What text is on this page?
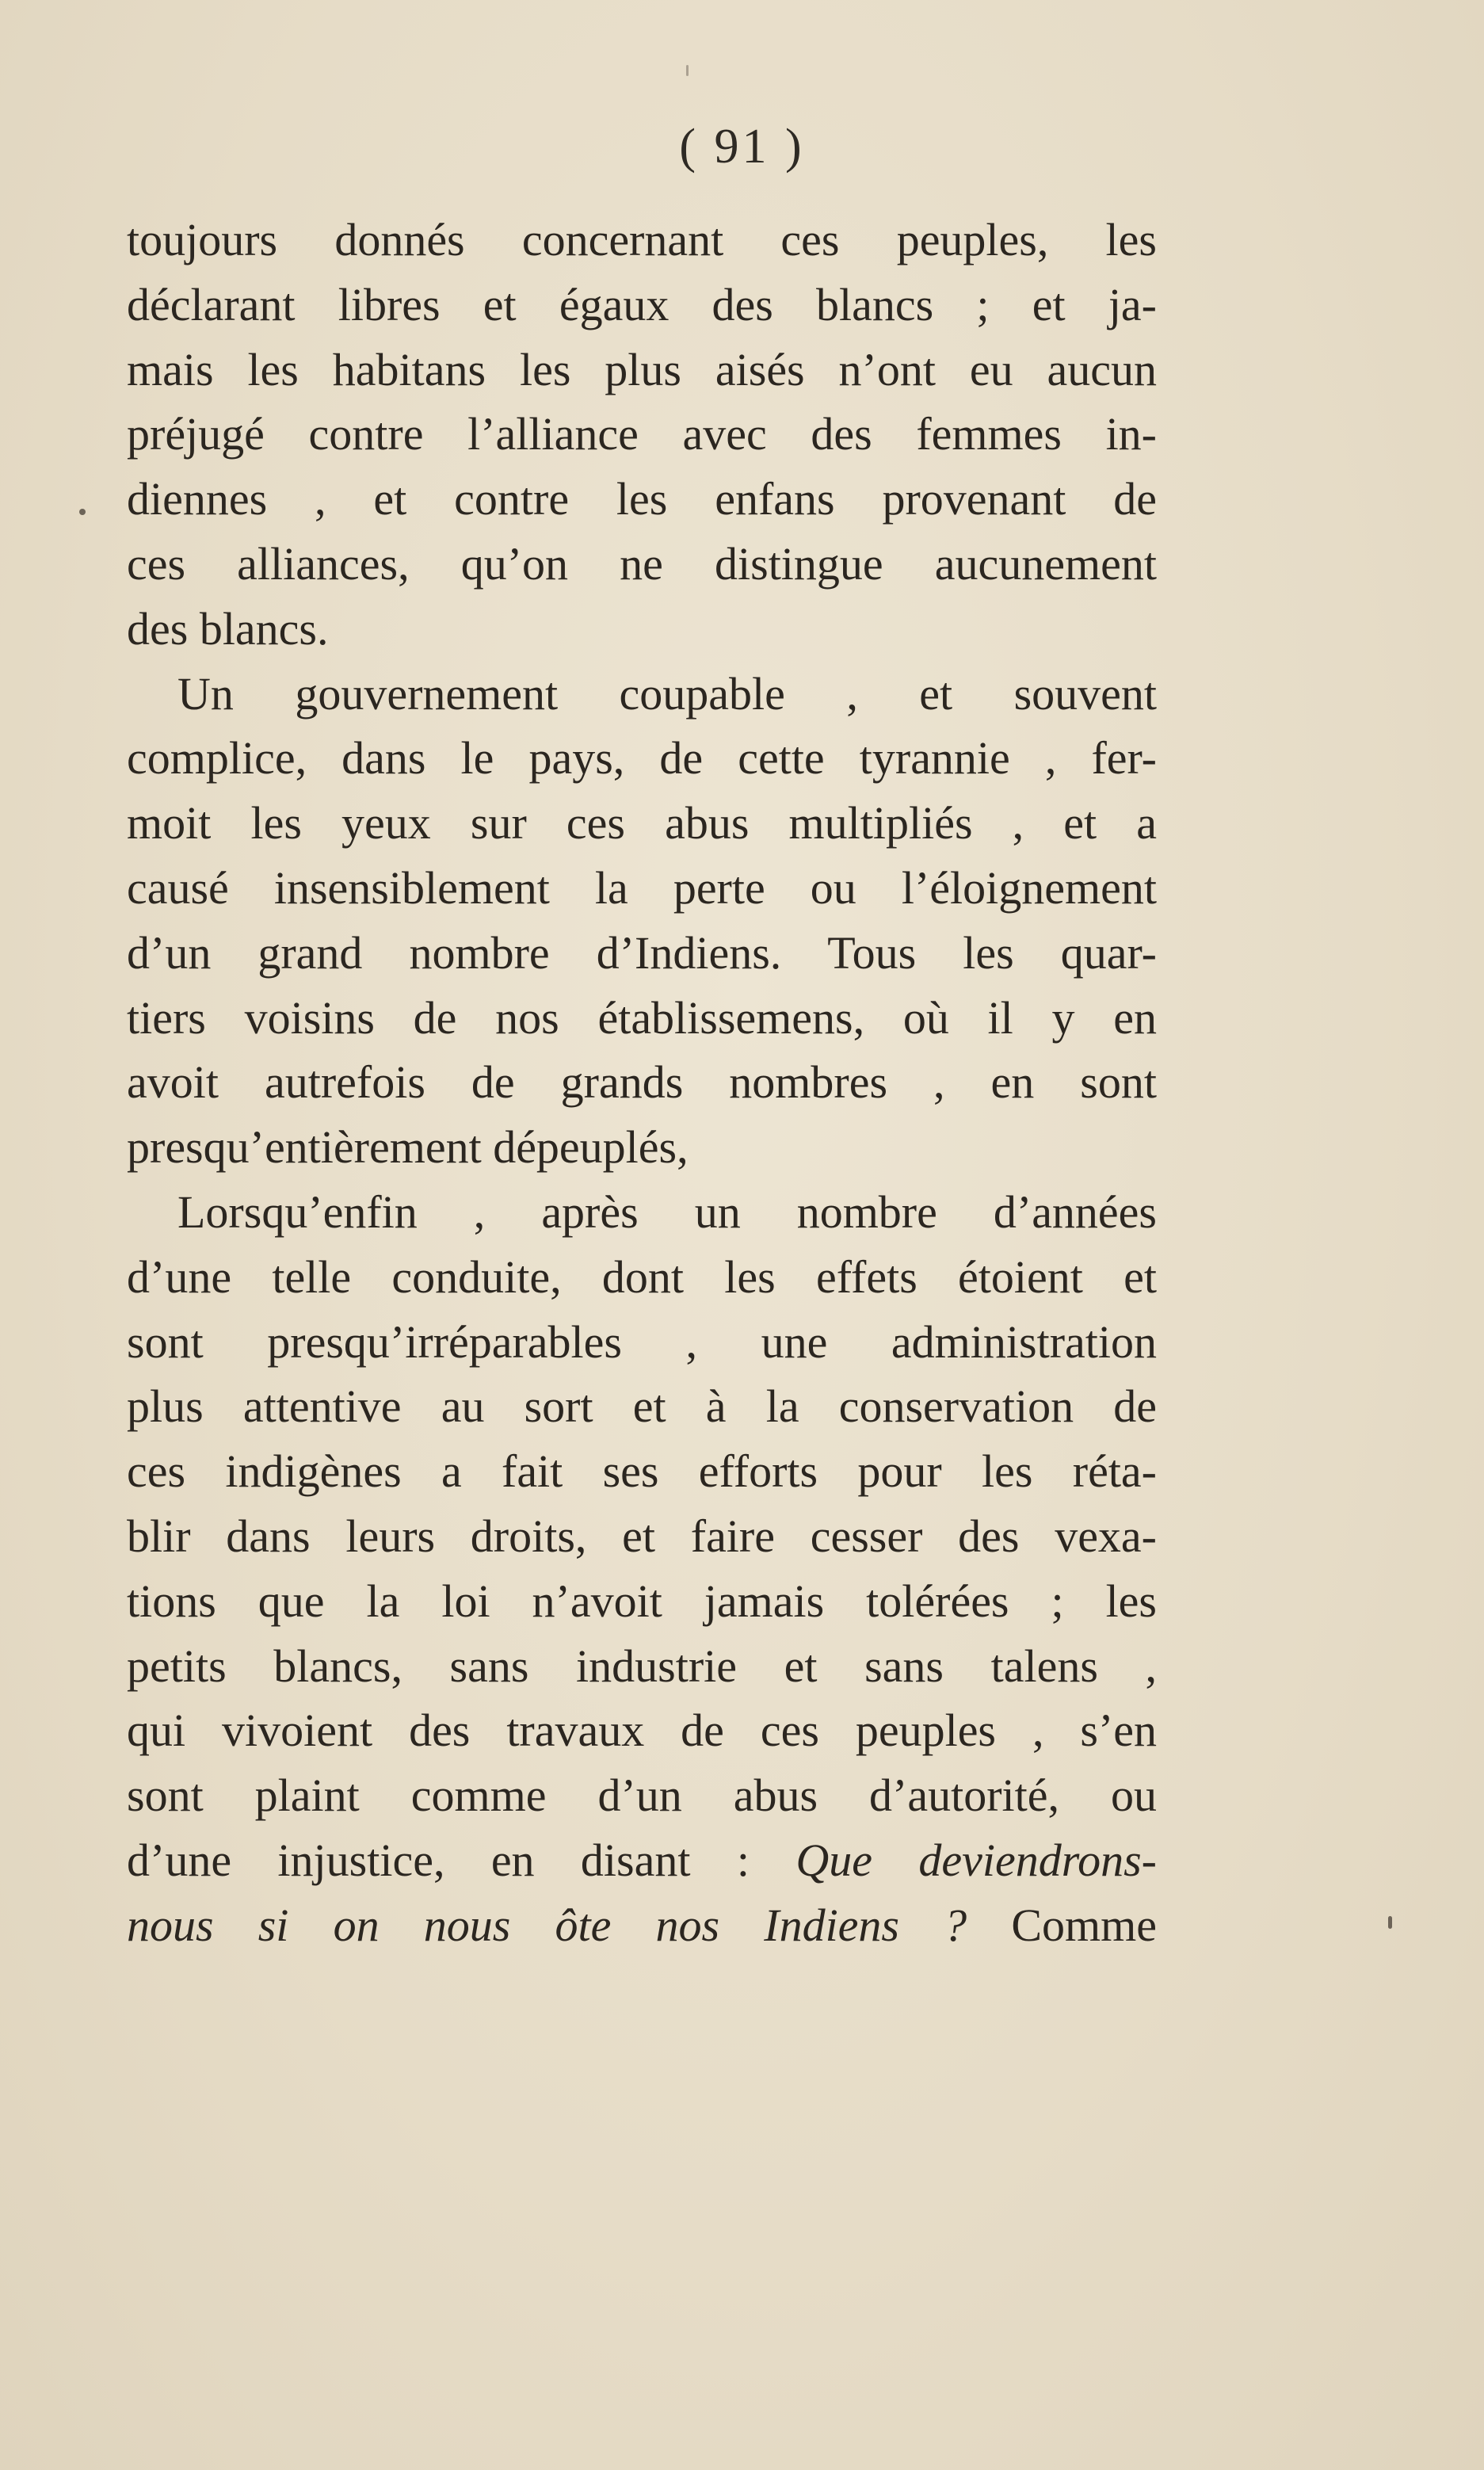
( 91 )
toujours donnés concernant ces peuples, les
déclarant libres et égaux des blancs ; et ja-
mais les habitans les plus aisés n’ont eu aucun
préjugé contre l’alliance avec des femmes in-
diennes , et contre les enfans provenant de
ces alliances, qu’on ne distingue aucunement
des blancs.
Un gouvernement coupable , et souvent
complice, dans le pays, de cette tyrannie , fer-
moit les yeux sur ces abus multipliés , et a
causé insensiblement la perte ou l’éloignement
d’un grand nombre d’Indiens. Tous les quar-
tiers voisins de nos établissemens, où il y en
avoit autrefois de grands nombres , en sont
presqu’entièrement dépeuplés,
Lorsqu’enfin , après un nombre d’années
d’une telle conduite, dont les effets étoient et
sont presqu’irréparables , une administration
plus attentive au sort et à la conservation de
ces indigènes a fait ses efforts pour les réta-
blir dans leurs droits, et faire cesser des vexa-
tions que la loi n’avoit jamais tolérées ; les
petits blancs, sans industrie et sans talens ,
qui vivoient des travaux de ces peuples , s’en
sont plaint comme d’un abus d’autorité, ou
d’une injustice, en disant : Que deviendrons-
nous si on nous ôte nos Indiens ? Comme
